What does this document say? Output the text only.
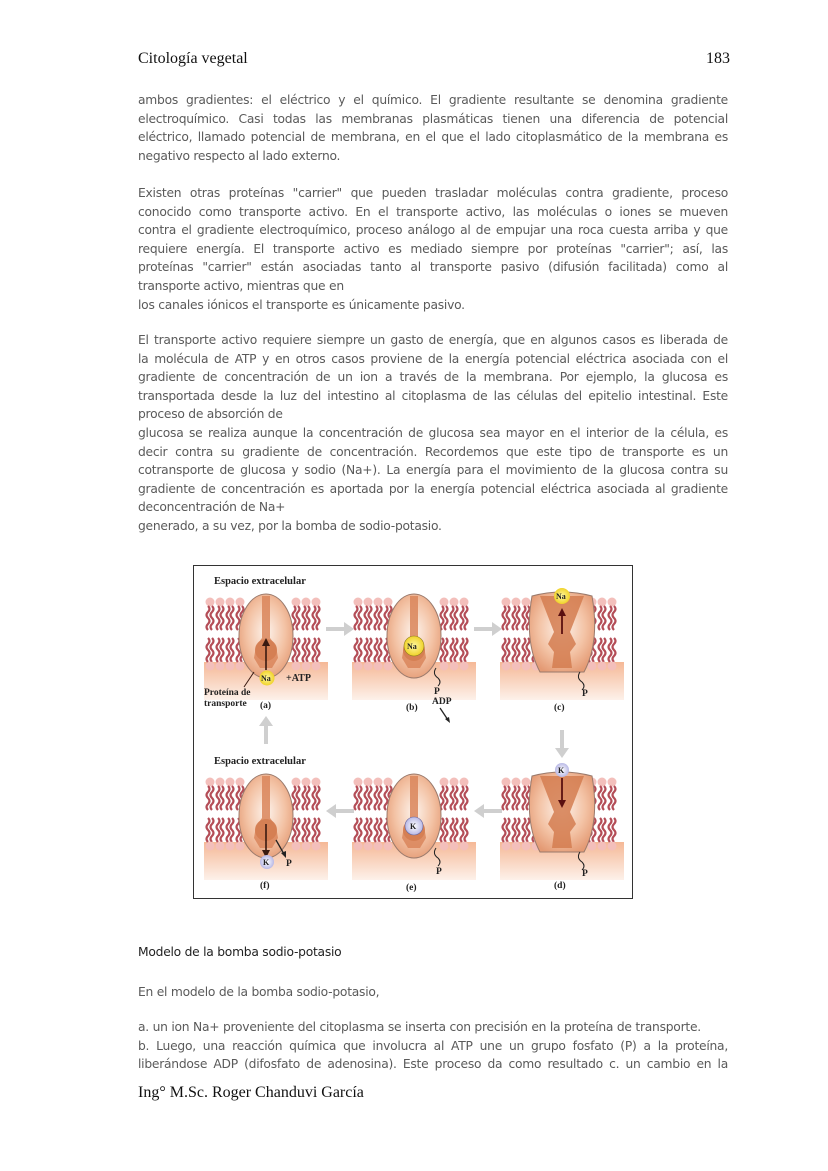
Citología vegetal	183

ambos gradientes: el eléctrico y el químico. El gradiente resultante se denomina gradiente

electroquímico. Casi todas las membranas plasmáticas tienen una diferencia de potencial

eléctrico, llamado potencial de membrana, en el que el lado citoplasmático de la membrana es

negativo respecto al lado externo.

Existen otras proteínas "carrier" que pueden trasladar moléculas contra gradiente, proceso

conocido como transporte activo. En el transporte activo, las moléculas o iones se mueven

contra el gradiente electroquímico, proceso análogo al de empujar una roca cuesta arriba y que

requiere energía. El transporte activo es mediado siempre por proteínas "carrier"; así, las

proteínas "carrier" están asociadas tanto al transporte pasivo (difusión facilitada) como al

transporte activo, mientras que en

los canales iónicos el transporte es únicamente pasivo.

El transporte activo requiere siempre un gasto de energía, que en algunos casos es liberada de

la molécula de ATP y en otros casos proviene de la energía potencial eléctrica asociada con el

gradiente de concentración de un ion a través de la membrana. Por ejemplo, la glucosa es

transportada desde la luz del intestino al citoplasma de las células del epitelio intestinal. Este

proceso de absorción de

glucosa se realiza aunque la concentración de glucosa sea mayor en el interior de la célula, es

decir contra su gradiente de concentración. Recordemos que este tipo de transporte es un

cotransporte de glucosa y sodio (Na+). La energía para el movimiento de la glucosa contra su

gradiente de concentración es aportada por la energía potencial eléctrica asociada al gradiente

deconcentración de Na+

generado, a su vez, por la bomba de sodio-potasio.

Espacio extracelular
Na +ATP
Proteína de
transporte (a)
Na
P
ADP
(b)
Na
P
(c)
Espacio extracelular
K P
(f)
K
P
(e)
K
P
(d)

Modelo de la bomba sodio-potasio

En el modelo de la bomba sodio-potasio,

a. un ion Na+ proveniente del citoplasma se inserta con precisión en la proteína de transporte.

b. Luego, una reacción química que involucra al ATP une un grupo fosfato (P) a la proteína,

liberándose ADP (difosfato de adenosina). Este proceso da como resultado c. un cambio en la

Ing° M.Sc. Roger Chanduvi García
